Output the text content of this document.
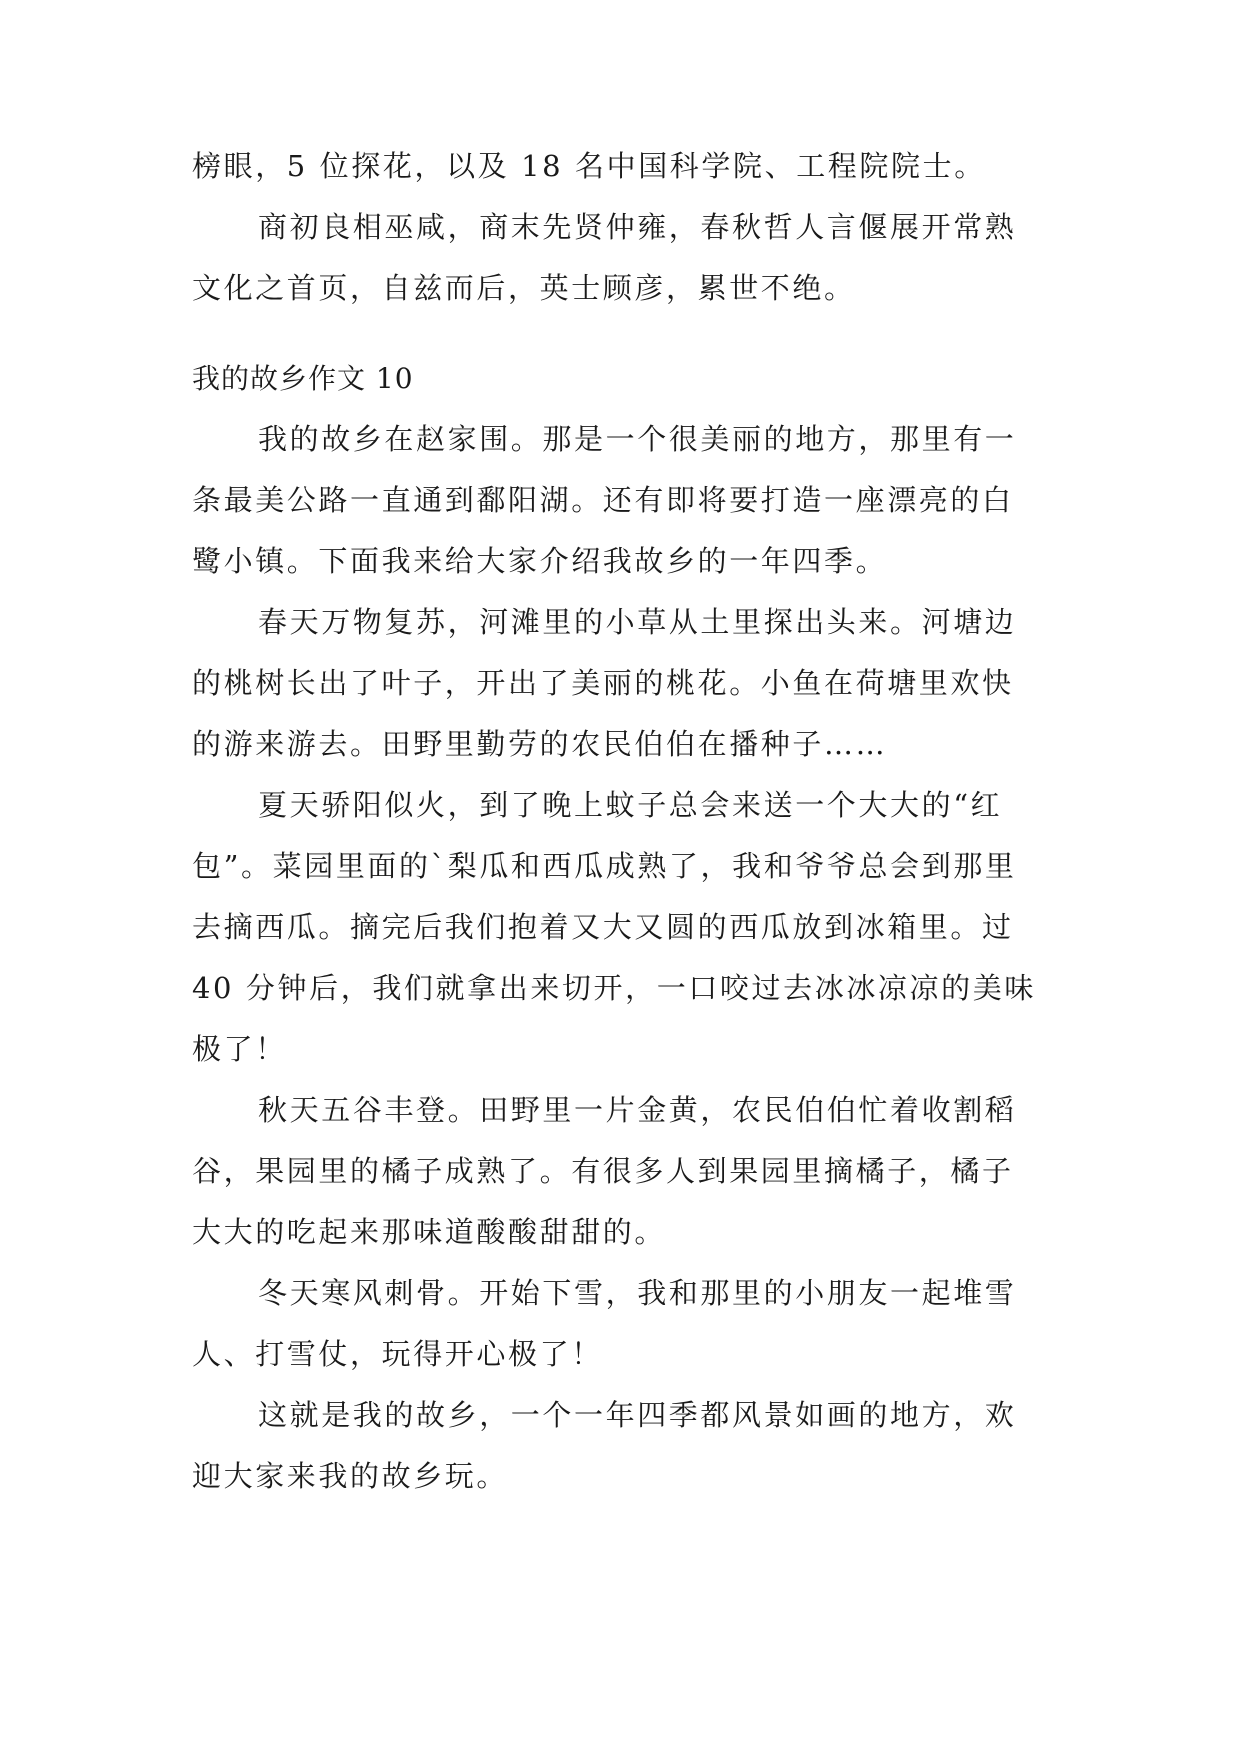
榜眼，5 位探花，以及 18 名中国科学院、工程院院士。
商初良相巫咸，商末先贤仲雍，春秋哲人言偃展开常熟
文化之首页，自兹而后，英士顾彦，累世不绝。
我的故乡作文 10
我的故乡在赵家围。那是一个很美丽的地方，那里有一
条最美公路一直通到鄱阳湖。还有即将要打造一座漂亮的白
鹭小镇。下面我来给大家介绍我故乡的一年四季。
春天万物复苏，河滩里的小草从土里探出头来。河塘边
的桃树长出了叶子，开出了美丽的桃花。小鱼在荷塘里欢快
的游来游去。田野里勤劳的农民伯伯在播种子……
夏天骄阳似火，到了晚上蚊子总会来送一个大大的“红
包”。菜园里面的`梨瓜和西瓜成熟了，我和爷爷总会到那里
去摘西瓜。摘完后我们抱着又大又圆的西瓜放到冰箱里。过
40 分钟后，我们就拿出来切开，一口咬过去冰冰凉凉的美味
极了！
秋天五谷丰登。田野里一片金黄，农民伯伯忙着收割稻
谷，果园里的橘子成熟了。有很多人到果园里摘橘子，橘子
大大的吃起来那味道酸酸甜甜的。
冬天寒风刺骨。开始下雪，我和那里的小朋友一起堆雪
人、打雪仗，玩得开心极了！
这就是我的故乡，一个一年四季都风景如画的地方，欢
迎大家来我的故乡玩。
